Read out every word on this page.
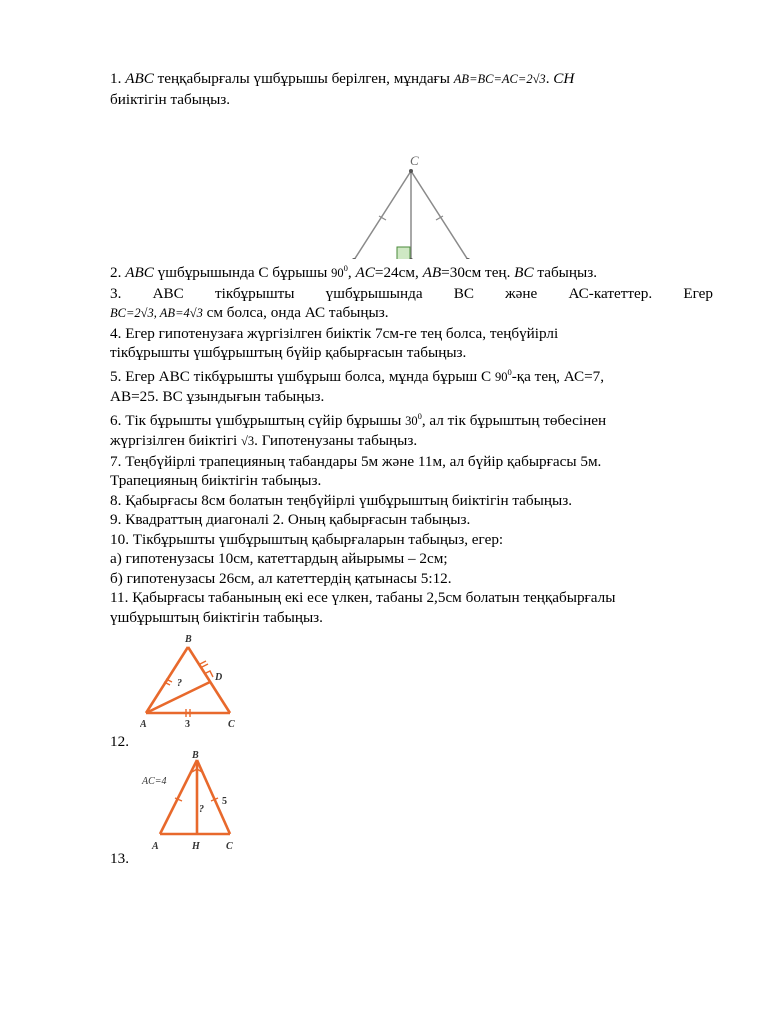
1. ABC теңқабырғалы үшбұрышы берілген, мұндағы AB=BC=AC=2√3. CH
биіктігін табыңыз.

C

2. ABC үшбұрышында С бұрышы $90^0$, AC=24см, AB=30см тең. BC табыңыз.

3. АВС тікбұрышты үшбұрышында ВС және АС-катеттер. Егер
BC=2√3, AB=4√3 см болса, онда АС табыңыз.

4. Егер гипотенузаға жүргізілген биіктік 7см-ге тең болса, теңбүйірлі
тікбұрышты үшбұрыштың бүйір қабырғасын табыңыз.

5. Егер АВС тікбұрышты үшбұрыш болса, мұнда бұрыш С $90^0-қа$ тең, АС=7,
АВ=25. ВС ұзындығын табыңыз.

6. Тік бұрышты үшбұрыштың сүйір бұрышы $30^0$, ал тік бұрыштың төбесінен
жүргізілген биіктігі √3. Гипотенузаны табыңыз.

7. Теңбүйірлі трапецияның табандары 5м және 11м, ал бүйір қабырғасы 5м.
Трапецияның биіктігін табыңыз.

8. Қабырғасы 8см болатын теңбүйірлі үшбұрыштың биіктігін табыңыз.

9. Квадраттың диагоналі 2. Оның қабырғасын табыңыз.

10. Тікбұрышты үшбұрыштың қабырғаларын табыңыз, егер:
а) гипотенузасы 10см, катеттардың айырымы – 2см;
б) гипотенузасы 26см, ал катеттердің қатынасы 5:12.

11. Қабырғасы табанының екі есе үлкен, табаны 2,5см болатын теңқабырғалы
үшбұрыштың биіктігін табыңыз.

12.
B
D
?
A	3	C
13.
B
AC=4
5
?
A	H	C
